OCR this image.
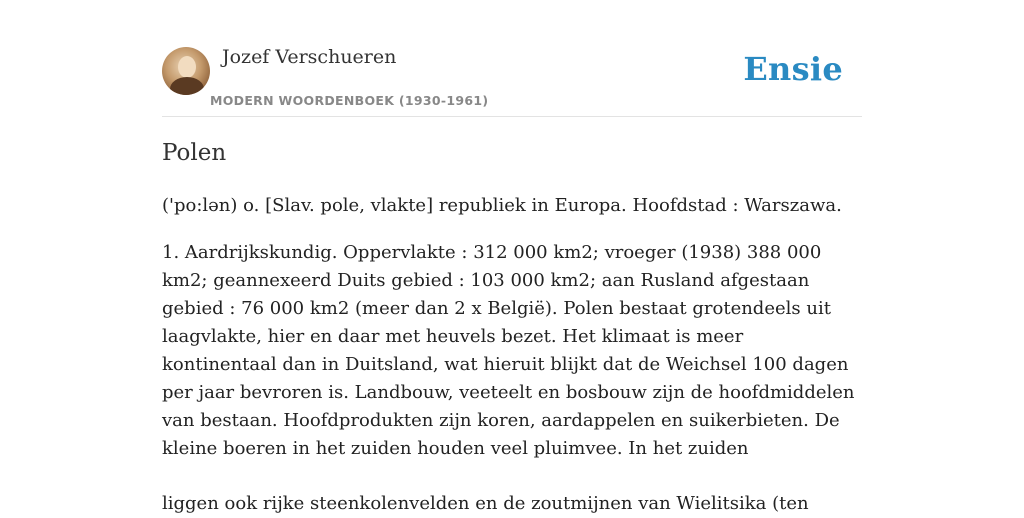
Jozef Verschueren
MODERN WOORDENBOEK (1930-1961)
Ensie
Polen

('po:lən) o. [Slav. pole, vlakte] republiek in Europa. Hoofdstad : Warszawa.

1. Aardrijkskundig. Oppervlakte : 312 000 km2; vroeger (1938) 388 000 km2; geannexeerd Duits gebied : 103 000 km2; aan Rusland afgestaan gebied : 76 000 km2 (meer dan 2 x België). Polen bestaat grotendeels uit laagvlakte, hier en daar met heuvels bezet. Het klimaat is meer kontinentaal dan in Duitsland, wat hieruit blijkt dat de Weichsel 100 dagen per jaar bevroren is. Landbouw, veeteelt en bosbouw zijn de hoofdmiddelen van bestaan. Hoofdprodukten zijn koren, aardappelen en suikerbieten. De kleine boeren in het zuiden houden veel pluimvee. In het zuiden

liggen ook rijke steenkolenvelden en de zoutmijnen van Wielitsika (ten
